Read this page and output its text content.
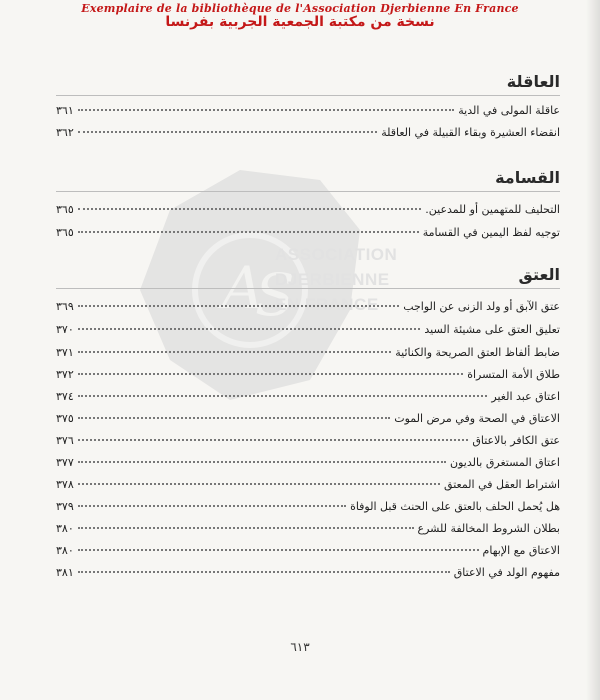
Exemplaire de la bibliothèque de l'Association Djerbienne En France
نسخة من مكتبة الجمعية الجربية بفرنسا
A
S
ASSOCIATION
DJERBIENNE
EN FRANCE
العاقلة
عاقلة المولى في الدية
٣٦١
انقضاء العشيرة وبقاء القبيلة في العاقلة
٣٦٢
القسامة
التحليف للمتهمين أو للمدعين.
٣٦٥
توجيه لفظ اليمين في القسامة
٣٦٥
العتق
عتق الآبق أو ولد الزنى عن الواجب
٣٦٩
تعليق العتق على مشيئة السيد
٣٧٠
ضابط ألفاظ العتق الصريحة والكنائية
٣٧١
طلاق الأمة المتسراة
٣٧٢
اعتاق عبد الغير
٣٧٤
الاعتاق في الصحة وفي مرض الموت
٣٧٥
عتق الكافر بالاعتاق
٣٧٦
اعتاق المستغرق بالديون
٣٧٧
اشتراط العقل في المعتق
٣٧٨
هل يُحمل الحلف بالعتق على الحنث قبل الوفاة
٣٧٩
بطلان الشروط المخالفة للشرع
٣٨٠
الاعتاق مع الإبهام
٣٨٠
مفهوم الولد في الاعتاق
٣٨١
٦١٣
